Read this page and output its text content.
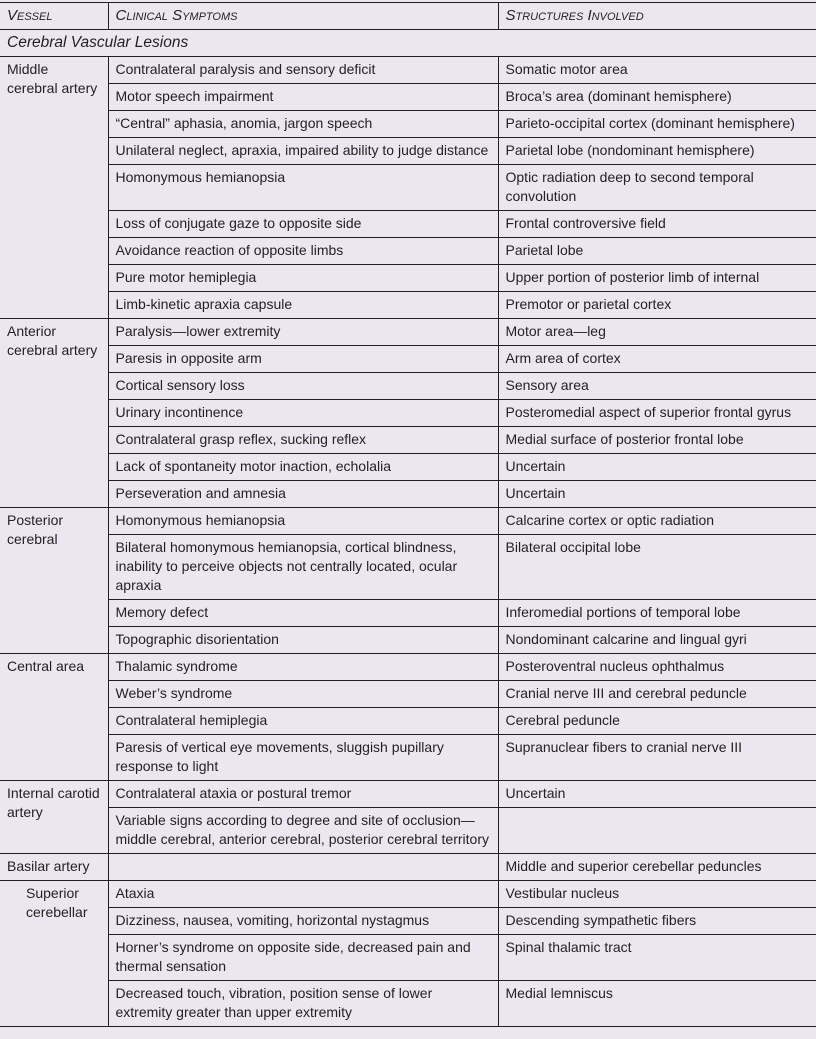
Vessel	Clinical Symptoms	Structures Involved
Cerebral Vascular Lesions		
Middle cerebral artery	Contralateral paralysis and sensory deficit	Somatic motor area
	Motor speech impairment	Broca’s area (dominant hemisphere)
	“Central” aphasia, anomia, jargon speech	Parieto-occipital cortex (dominant hemisphere)
	Unilateral neglect, apraxia, impaired ability to judge distance	Parietal lobe (nondominant hemisphere)
	Homonymous hemianopsia	Optic radiation deep to second temporal convolution
	Loss of conjugate gaze to opposite side	Frontal controversive field
	Avoidance reaction of opposite limbs	Parietal lobe
	Pure motor hemiplegia	Upper portion of posterior limb of internal
	Limb-kinetic apraxia capsule	Premotor or parietal cortex
Anterior cerebral artery	Paralysis—lower extremity	Motor area—leg
	Paresis in opposite arm	Arm area of cortex
	Cortical sensory loss	Sensory area
	Urinary incontinence	Posteromedial aspect of superior frontal gyrus
	Contralateral grasp reflex, sucking reflex	Medial surface of posterior frontal lobe
	Lack of spontaneity motor inaction, echolalia	Uncertain
	Perseveration and amnesia	Uncertain
Posterior cerebral	Homonymous hemianopsia	Calcarine cortex or optic radiation
	Bilateral homonymous hemianopsia, cortical blindness, inability to perceive objects not centrally located, ocular apraxia	Bilateral occipital lobe
	Memory defect	Inferomedial portions of temporal lobe
	Topographic disorientation	Nondominant calcarine and lingual gyri
Central area	Thalamic syndrome	Posteroventral nucleus ophthalmus
	Weber’s syndrome	Cranial nerve III and cerebral peduncle
	Contralateral hemiplegia	Cerebral peduncle
	Paresis of vertical eye movements, sluggish pupillary response to light	Supranuclear fibers to cranial nerve III
Internal carotid artery	Contralateral ataxia or postural tremor	Uncertain
	Variable signs according to degree and site of occlusion— middle cerebral, anterior cerebral, posterior cerebral territory	
Basilar artery		Middle and superior cerebellar peduncles
Superior cerebellar	Ataxia	Vestibular nucleus
	Dizziness, nausea, vomiting, horizontal nystagmus	Descending sympathetic fibers
	Horner’s syndrome on opposite side, decreased pain and thermal sensation	Spinal thalamic tract
	Decreased touch, vibration, position sense of lower extremity greater than upper extremity	Medial lemniscus
